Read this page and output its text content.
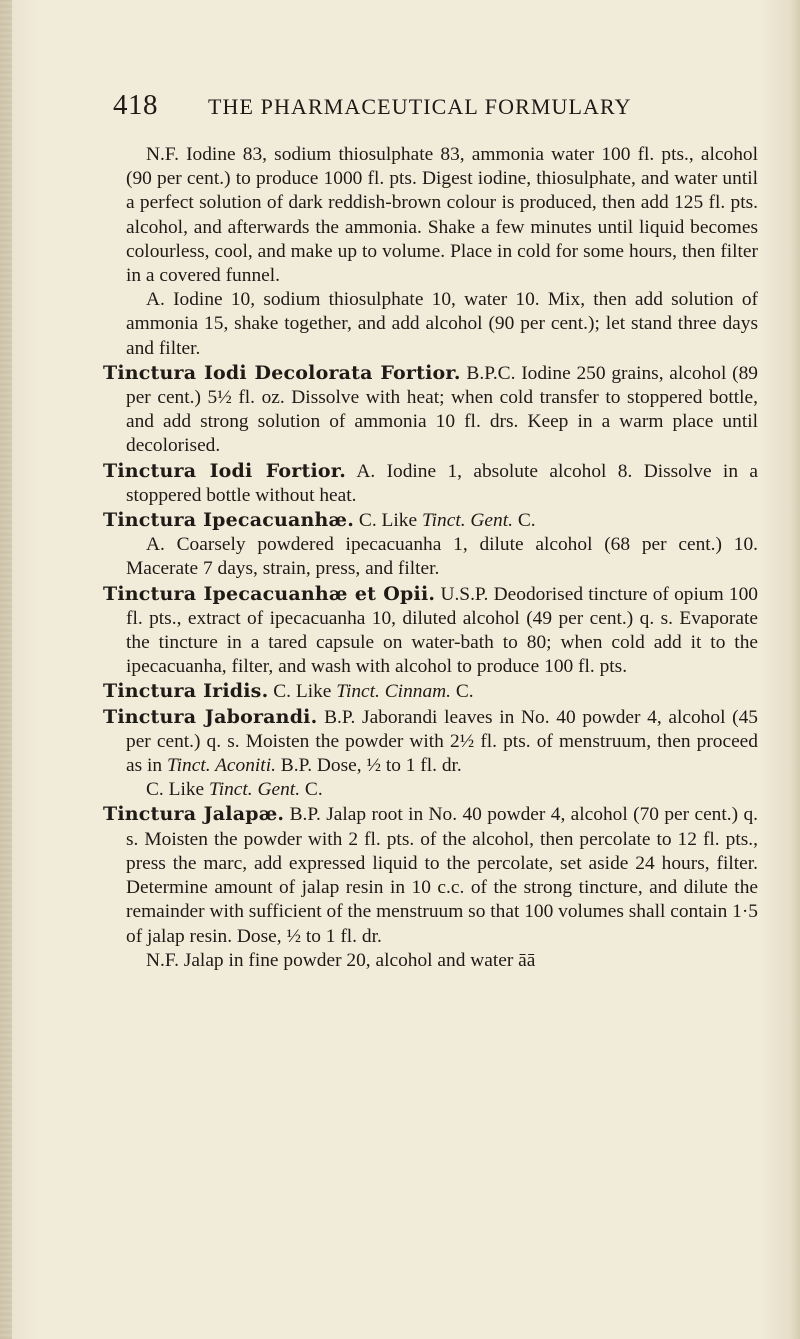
418 THE PHARMACEUTICAL FORMULARY

N.F. Iodine 83, sodium thiosulphate 83, ammonia water 100 fl. pts., alcohol (90 per cent.) to produce 1000 fl. pts. Digest iodine, thiosulphate, and water until a perfect solution of dark reddish-brown colour is produced, then add 125 fl. pts. alcohol, and afterwards the ammonia. Shake a few minutes until liquid becomes colourless, cool, and make up to volume. Place in cold for some hours, then filter in a covered funnel.

A. Iodine 10, sodium thiosulphate 10, water 10. Mix, then add solution of ammonia 15, shake together, and add alcohol (90 per cent.); let stand three days and filter.

Tinctura Iodi Decolorata Fortior. B.P.C. Iodine 250 grains, alcohol (89 per cent.) 5½ fl. oz. Dissolve with heat; when cold transfer to stoppered bottle, and add strong solution of ammonia 10 fl. drs. Keep in a warm place until decolorised.

Tinctura Iodi Fortior. A. Iodine 1, absolute alcohol 8. Dissolve in a stoppered bottle without heat.

Tinctura Ipecacuanhæ. C. Like Tinct. Gent. C.

A. Coarsely powdered ipecacuanha 1, dilute alcohol (68 per cent.) 10. Macerate 7 days, strain, press, and filter.

Tinctura Ipecacuanhæ et Opii. U.S.P. Deodorised tincture of opium 100 fl. pts., extract of ipecacuanha 10, diluted alcohol (49 per cent.) q. s. Evaporate the tincture in a tared capsule on water-bath to 80; when cold add it to the ipecacuanha, filter, and wash with alcohol to produce 100 fl. pts.

Tinctura Iridis. C. Like Tinct. Cinnam. C.

Tinctura Jaborandi. B.P. Jaborandi leaves in No. 40 powder 4, alcohol (45 per cent.) q. s. Moisten the powder with 2½ fl. pts. of menstruum, then proceed as in Tinct. Aconiti. B.P. Dose, ½ to 1 fl. dr.

C. Like Tinct. Gent. C.

Tinctura Jalapæ. B.P. Jalap root in No. 40 powder 4, alcohol (70 per cent.) q. s. Moisten the powder with 2 fl. pts. of the alcohol, then percolate to 12 fl. pts., press the marc, add expressed liquid to the percolate, set aside 24 hours, filter. Determine amount of jalap resin in 10 c.c. of the strong tincture, and dilute the remainder with sufficient of the menstruum so that 100 volumes shall contain 1·5 of jalap resin. Dose, ½ to 1 fl. dr.

N.F. Jalap in fine powder 20, alcohol and water āā
